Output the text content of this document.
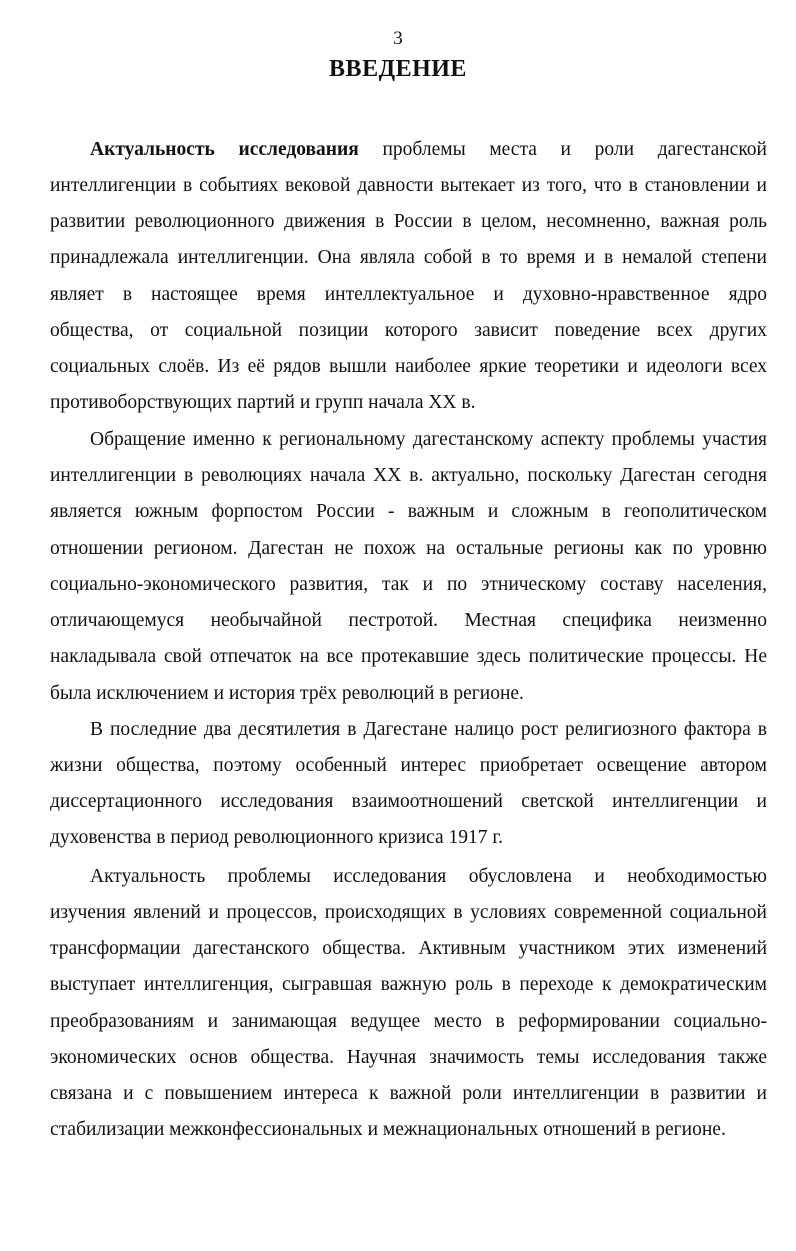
3
ВВЕДЕНИЕ
Актуальность исследования проблемы места и роли дагестанской
интеллигенции в событиях вековой давности вытекает из того, что в становлении и
развитии революционного движения в России в целом, несомненно, важная роль
принадлежала интеллигенции. Она являла собой в то время и в немалой степени
являет в настоящее время интеллектуальное и духовно-нравственное ядро
общества, от социальной позиции которого зависит поведение всех других
социальных слоёв. Из её рядов вышли наиболее яркие теоретики и идеологи всех
противоборствующих партий и групп начала XX в.
Обращение именно к региональному дагестанскому аспекту проблемы участия
интеллигенции в революциях начала XX в. актуально, поскольку Дагестан сегодня
является южным форпостом России - важным и сложным в геополитическом
отношении регионом. Дагестан не похож на остальные регионы как по уровню
социально-экономического развития, так и по этническому составу населения,
отличающемуся необычайной пестротой. Местная специфика неизменно
накладывала свой отпечаток на все протекавшие здесь политические процессы. Не
была исключением и история трёх революций в регионе.
В последние два десятилетия в Дагестане налицо рост религиозного фактора в
жизни общества, поэтому особенный интерес приобретает освещение автором
диссертационного исследования взаимоотношений светской интеллигенции и
духовенства в период революционного кризиса 1917 г.
Актуальность проблемы исследования обусловлена и необходимостью
изучения явлений и процессов, происходящих в условиях современной социальной
трансформации дагестанского общества. Активным участником этих изменений
выступает интеллигенция, сыгравшая важную роль в переходе к демократическим
преобразованиям и занимающая ведущее место в реформировании социально-
экономических основ общества. Научная значимость темы исследования также
связана и с повышением интереса к важной роли интеллигенции в развитии и
стабилизации межконфессиональных и межнациональных отношений в регионе.
